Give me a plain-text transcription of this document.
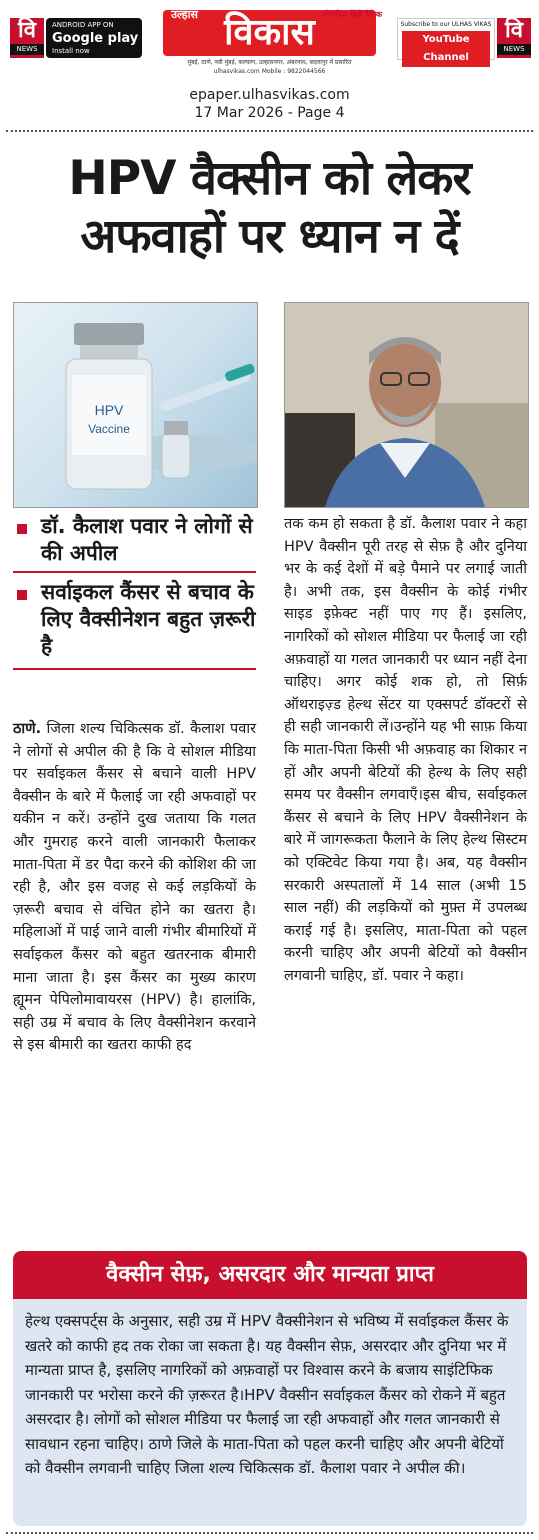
वि
NEWS
ANDROID APP ON
Google play
Install now
उल्हास विकास लोकप्रिय हिंदी दैनिक
मुंबई, ठाणे, नवी मुंबई, कल्याण, उल्हासनगर, अंबरनाथ, बदलापुर में प्रसारित
ulhasvikas.com Mobile : 9822044566
Subscribe to our ULHAS VIKAS
YouTube Channel
वि
NEWS
epaper.ulhasvikas.com
17 Mar 2026 - Page 4
HPV वैक्सीन को लेकर
अफवाहों पर ध्यान न दें
HPV
Vaccine
डॉ. कैलाश पवार ने लोगों से की अपील
सर्वाइकल कैंसर से बचाव के लिए वैक्सीनेशन बहुत ज़रूरी है
ठाणे. जिला शल्य चिकित्सक डॉ. कैलाश पवार ने लोगों से अपील की है कि वे सोशल मीडिया पर सर्वाइकल कैंसर से बचाने वाली HPV वैक्सीन के बारे में फैलाई जा रही अफवाहों पर यकीन न करें। उन्होंने दुख जताया कि गलत और गुमराह करने वाली जानकारी फैलाकर माता-पिता में डर पैदा करने की कोशिश की जा रही है, और इस वजह से कई लड़कियों के ज़रूरी बचाव से वंचित होने का खतरा है।महिलाओं में पाई जाने वाली गंभीर बीमारियों में सर्वाइकल कैंसर को बहुत खतरनाक बीमारी माना जाता है। इस कैंसर का मुख्य कारण ह्यूमन पेपिलोमावायरस (HPV) है। हालांकि, सही उम्र में बचाव के लिए वैक्सीनेशन करवाने से इस बीमारी का खतरा काफी हद
तक कम हो सकता है डॉ. कैलाश पवार ने कहा HPV वैक्सीन पूरी तरह से सेफ़ है और दुनिया भर के कई देशों में बड़े पैमाने पर लगाई जाती है। अभी तक, इस वैक्सीन के कोई गंभीर साइड इफ़ेक्ट नहीं पाए गए हैं। इसलिए, नागरिकों को सोशल मीडिया पर फैलाई जा रही अफ़वाहों या गलत जानकारी पर ध्यान नहीं देना चाहिए। अगर कोई शक हो, तो सिर्फ़ ऑथराइज़्ड हेल्थ सेंटर या एक्सपर्ट डॉक्टरों से ही सही जानकारी लें।उन्होंने यह भी साफ़ किया कि माता-पिता किसी भी अफ़वाह का शिकार न हों और अपनी बेटियों की हेल्थ के लिए सही समय पर वैक्सीन लगवाएँ।इस बीच, सर्वाइकल कैंसर से बचाने के लिए HPV वैक्सीनेशन के बारे में जागरूकता फैलाने के लिए हेल्थ सिस्टम को एक्टिवेट किया गया है। अब, यह वैक्सीन सरकारी अस्पतालों में 14 साल (अभी 15 साल नहीं) की लड़कियों को मुफ़्त में उपलब्ध कराई गई है। इसलिए, माता-पिता को पहल करनी चाहिए और अपनी बेटियों को वैक्सीन लगवानी चाहिए, डॉ. पवार ने कहा।
वैक्सीन सेफ़, असरदार और मान्यता प्राप्त
हेल्थ एक्सपर्ट्स के अनुसार, सही उम्र में HPV वैक्सीनेशन से भविष्य में सर्वाइकल कैंसर के खतरे को काफी हद तक रोका जा सकता है। यह वैक्सीन सेफ़, असरदार और दुनिया भर में मान्यता प्राप्त है, इसलिए नागरिकों को अफ़वाहों पर विश्वास करने के बजाय साइंटिफिक जानकारी पर भरोसा करने की ज़रूरत है।HPV वैक्सीन सर्वाइकल कैंसर को रोकने में बहुत असरदार है। लोगों को सोशल मीडिया पर फैलाई जा रही अफवाहों और गलत जानकारी से सावधान रहना चाहिए। ठाणे जिले के माता-पिता को पहल करनी चाहिए और अपनी बेटियों को वैक्सीन लगवानी चाहिए जिला शल्य चिकित्सक डॉ. कैलाश पवार ने अपील की।
